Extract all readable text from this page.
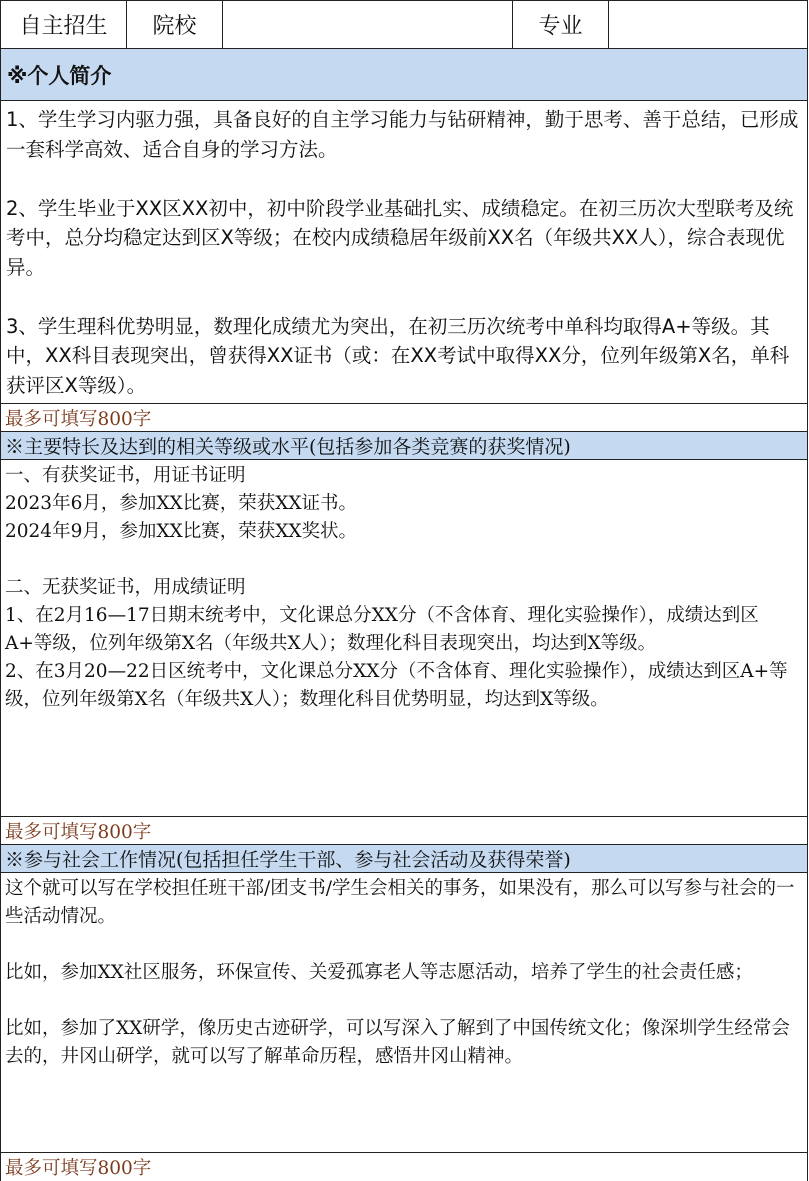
自主招生	院校	专业
※个人简介

1、学生学习内驱力强，具备良好的自主学习能力与钻研精神，勤于思考、善于总结，已形成一套科学高效、适合自身的学习方法。

2、学生毕业于XX区XX初中，初中阶段学业基础扎实、成绩稳定。在初三历次大型联考及统考中，总分均稳定达到区X等级；在校内成绩稳居年级前XX名（年级共XX人），综合表现优异。

3、学生理科优势明显，数理化成绩尤为突出，在初三历次统考中单科均取得A+等级。其中，XX科目表现突出，曾获得XX证书（或：在XX考试中取得XX分，位列年级第X名，单科获评区X等级）。

最多可填写800字
※主要特长及达到的相关等级或水平(包括参加各类竞赛的获奖情况)

一、有获奖证书，用证书证明

2023年6月，参加XX比赛，荣获XX证书。

2024年9月，参加XX比赛，荣获XX奖状。

二、无获奖证书，用成绩证明

1、在2月16—17日期末统考中，文化课总分XX分（不含体育、理化实验操作），成绩达到区A+等级，位列年级第X名（年级共X人）；数理化科目表现突出，均达到X等级。

2、在3月20—22日区统考中，文化课总分XX分（不含体育、理化实验操作），成绩达到区A+等级，位列年级第X名（年级共X人）；数理化科目优势明显，均达到X等级。

最多可填写800字
※参与社会工作情况(包括担任学生干部、参与社会活动及获得荣誉)

这个就可以写在学校担任班干部/团支书/学生会相关的事务，如果没有，那么可以写参与社会的一些活动情况。

比如，参加XX社区服务，环保宣传、关爱孤寡老人等志愿活动，培养了学生的社会责任感；

比如，参加了XX研学，像历史古迹研学，可以写深入了解到了中国传统文化；像深圳学生经常会去的，井冈山研学，就可以写了解革命历程，感悟井冈山精神。

最多可填写800字
